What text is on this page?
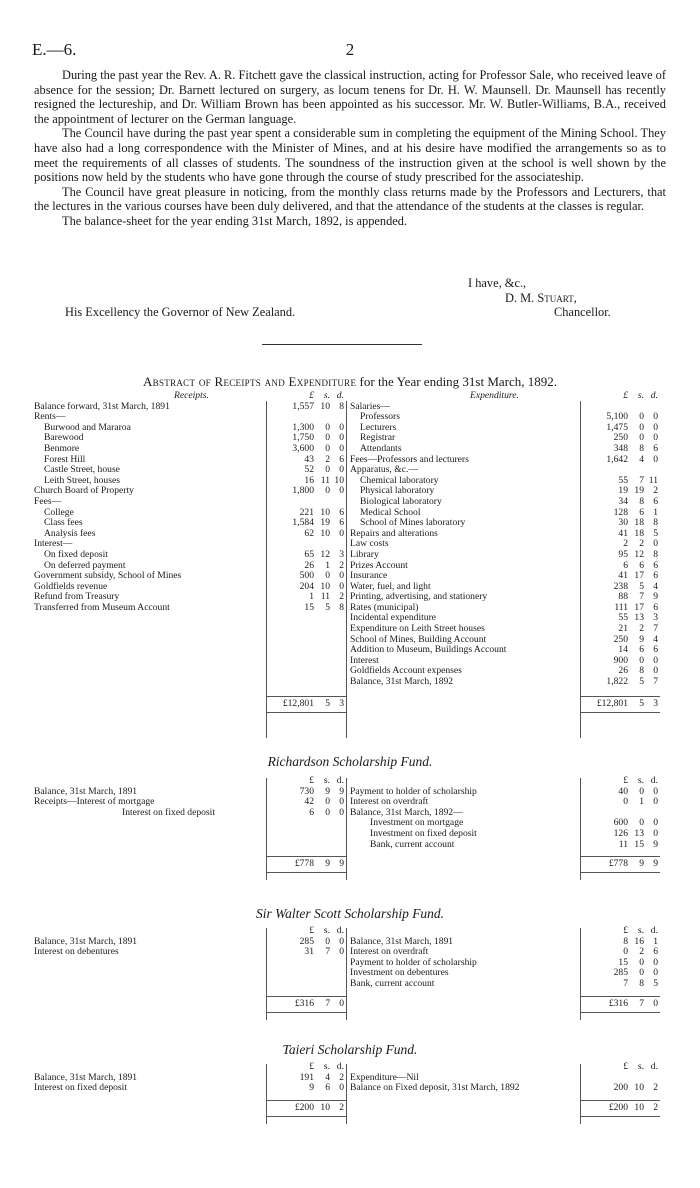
E.—6.	2

During the past year the Rev. A. R. Fitchett gave the classical instruction, acting for Professor Sale, who received leave of absence for the session; Dr. Barnett lectured on surgery, as locum tenens for Dr. H. W. Maunsell. Dr. Maunsell has recently resigned the lectureship, and Dr. William Brown has been appointed as his successor. Mr. W. Butler-Williams, B.A., received the appointment of lecturer on the German language.

The Council have during the past year spent a considerable sum in completing the equipment of the Mining School. They have also had a long correspondence with the Minister of Mines, and at his desire have modified the arrangements so as to meet the requirements of all classes of students. The soundness of the instruction given at the school is well shown by the positions now held by the students who have gone through the course of study prescribed for the associateship.

The Council have great pleasure in noticing, from the monthly class returns made by the Professors and Lecturers, that the lectures in the various courses have been duly delivered, and that the attendance of the students at the classes is regular.

The balance-sheet for the year ending 31st March, 1892, is appended.

I have, &c.,
D. M. Stuart,
His Excellency the Governor of New Zealand.	Chancellor.
Abstract of Receipts and Expenditure for the Year ending 31st March, 1892.
Receipts.	£	s. d.
Balance forward, 31st March, 1891	1,557 10 8
Rents—
Burwood and Mararoa	1,300	0 0
Barewood	1,750	0 0
Benmore	3,600	0 0
Forest Hill	43	2 6
Castle Street, house	52	0 0
Leith Street, houses	16 11 10
Church Board of Property	1,800	0 0
Fees—
College	221 10 6
Class fees	1,584 19 6
Analysis fees	62 10 0
Interest—
On fixed deposit	65 12 3
On deferred payment	26	1 2
Government subsidy, School of Mines	500	0 0
Goldfields revenue	204 10 0
Refund from Treasury	1 11 2
Transferred from Museum Account	15	5 8
£12,801	5 3
Expenditure.	£	s. d.
Salaries—
Professors	5,100	0 0
Lecturers	1,475	0 0
Registrar	250	0 0
Attendants	348	8 6
Fees—Professors and lecturers	1,642	4 0
Apparatus, &c.—
Chemical laboratory	55	7 11
Physical laboratory	19 19 2
Biological laboratory	34	8 6
Medical School	128	6 1
School of Mines laboratory	30 18 8
Repairs and alterations	41 18 5
Law costs	2	2 0
Library	95 12 8
Prizes Account	6	6 6
Insurance	41 17 6
Water, fuel, and light	238	5 4
Printing, advertising, and stationery	88	7 9
Rates (municipal)	111 17 6
Incidental expenditure	55 13 3
Expenditure on Leith Street houses	21	2 7
School of Mines, Building Account	250	9 4
Addition to Museum, Buildings Account	14	6 6
Interest	900	0 0
Goldfields Account expenses	26	8 0
Balance, 31st March, 1892	1,822	5 7
£12,801	5 3
Richardson Scholarship Fund.
£	s. d.
Balance, 31st March, 1891	730	9 9
Receipts—Interest of mortgage	42	0 0
Interest on fixed deposit	6	0 0
£778	9 9
£	s. d.
Payment to holder of scholarship	40	0 0
Interest on overdraft	0	1 0
Balance, 31st March, 1892—
Investment on mortgage	600	0 0
Investment on fixed deposit	126 13 0
Bank, current account	11 15 9
£778	9 9
Sir Walter Scott Scholarship Fund.
£	s. d.
Balance, 31st March, 1891	285	0 0
Interest on debentures	31	7 0
£316	7 0
£	s. d.
Balance, 31st March, 1891	8 16 1
Interest on overdraft	0	2 6
Payment to holder of scholarship	15	0 0
Investment on debentures	285	0 0
Bank, current account	7	8 5
£316	7 0
Taieri Scholarship Fund.
£	s. d.
Balance, 31st March, 1891	191	4 2
Interest on fixed deposit	9	6 0
£200 10 2
£	s. d.
Expenditure—Nil
Balance on Fixed deposit, 31st March, 1892	200 10 2
£200 10 2
